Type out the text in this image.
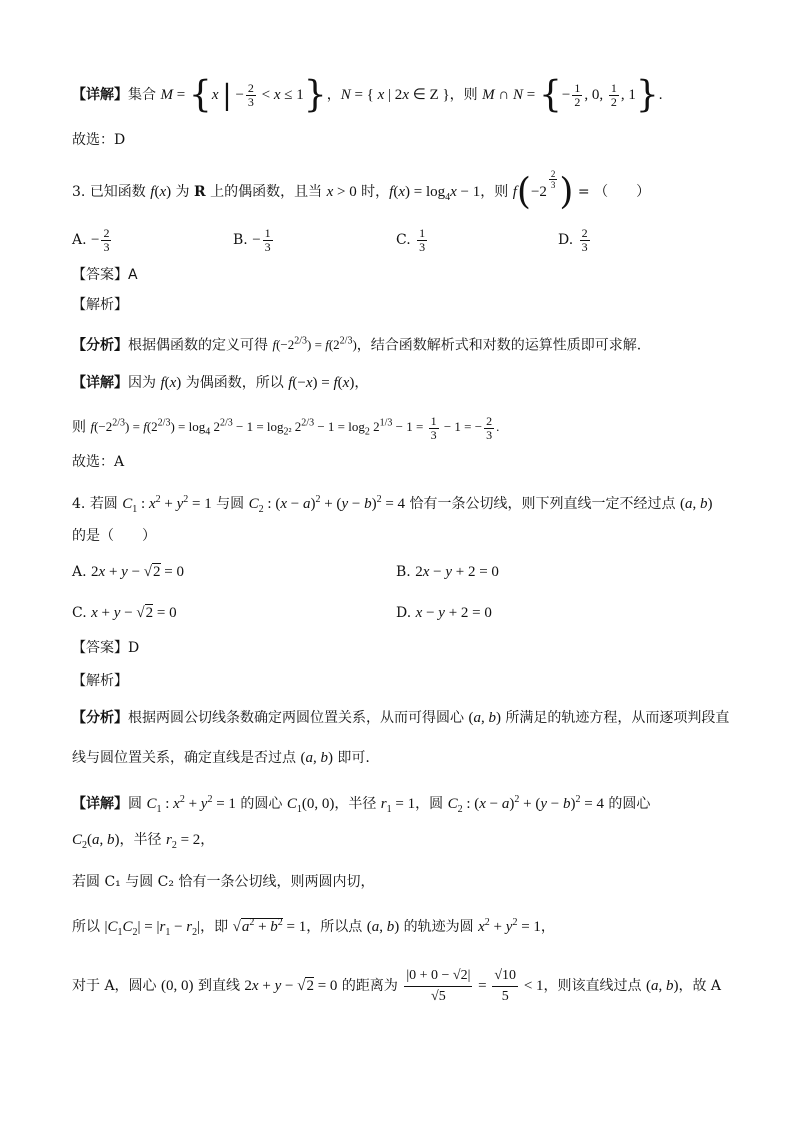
【详解】集合 M = {x | − $\frac{2}{3} < x \le 1$}，N = { x | 2x ∈ Z }，则 M ∩ N = {− $\frac{1}{2}$ , 0, $\frac{1}{2}$ , 1}.
故选：D
3. 已知函数 f(x) 为 R 上的偶函数，且当 x > 0 时，$f(x) = \log_4x - 1$，则 f(−2
$^{\frac{2}{3}}$ ) = （　　）
A. − $\frac{2}{3}$	B. − $\frac{1}{3}$	C. $\frac{1}{3}$	D. $\frac{2}{3}$
【答案】A
【解析】
【分析】根据偶函数的定义可得 $f(-2^{2/3}) = f(2^{2/3})$，结合函数解析式和对数的运算性质即可求解.
【详解】因为 f(x) 为偶函数，所以 f(−x) = f(x)，
则 $f(-2^{2/3}) = f(2^{2/3}) = \log_4 2^{2/3} - 1 = \log_{2^2} 2^{2/3} - 1 = \log_2 2^{1/3} - 1 = \frac{1}{3} - 1$ = − $\frac{2}{3}$ .
故选：A
4. 若圆 $C_1$ : $x^2 + y^2 = 1$ 与圆 $C_2$ : $(x - a)^2 + (y - b)^2 = 4$ 恰有一条公切线，则下列直线一定不经过点 (a, b)
的是（　　）
A. 2x + y − √2 = 0	B. 2x − y + 2 = 0
C. x + y − √2 = 0	D. x − y + 2 = 0
【答案】D
【解析】
【分析】根据两圆公切线条数确定两圆位置关系，从而可得圆心 (a, b) 所满足的轨迹方程，从而逐项判段直
线与圆位置关系，确定直线是否过点 (a, b) 即可.
【详解】圆 $C_1$ : $x^2 + y^2 = 1$ 的圆心 $C_1(0$, 0)，半径 $r_1 = 1$，圆 $C_2$ : $(x - a)^2 + (y - b)^2 = 4$ 的圆心
$C_2(a$, b)，半径 $r_2 = 2$，
若圆 C₁ 与圆 C₂ 恰有一条公切线，则两圆内切，
所以 $|C_1C_2| = |r_1 - r_2|$，即 $√a^2 + b^2 = 1$，所以点 (a, b) 的轨迹为圆 $x^2 + y^2 = 1$，
对于 A，圆心 (0, 0) 到直线 2x + y − √2 = 0 的距离为 $\frac{|0 + 0 - √2|}{√5} = \frac{√10}{5} < 1$，则该直线过点 (a, b)，故 A
